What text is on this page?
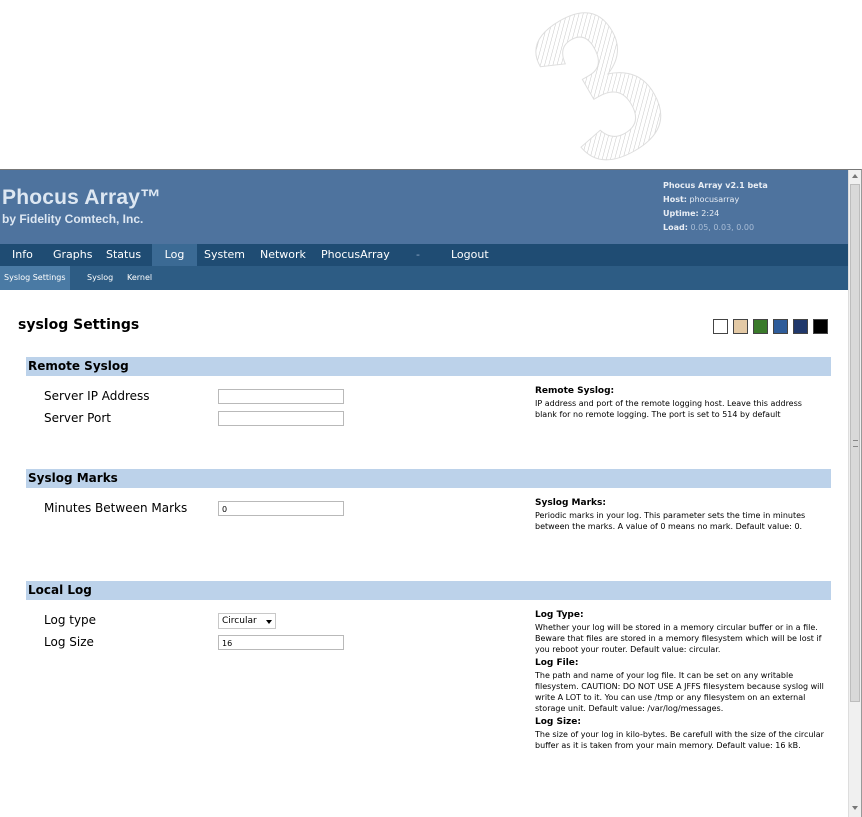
Phocus Array™
by Fidelity Comtech, Inc.
Phocus Array v2.1 beta
Host: phocusarray
Uptime: 2:24
Load: 0.05, 0.03, 0.00
Info	Graphs	Status	Log	System	Network	PhocusArray	-	Logout
Syslog Settings	Syslog	Kernel
syslog Settings
Remote Syslog
Server IP Address
Server Port
Remote Syslog:
IP address and port of the remote logging host. Leave this address blank for no remote logging. The port is set to 514 by default
Syslog Marks
Minutes Between Marks	0
Syslog Marks:
Periodic marks in your log. This parameter sets the time in minutes between the marks. A value of 0 means no mark. Default value: 0.
Local Log
Log type	Circular
Log Size	16
Log Type:
Whether your log will be stored in a memory circular buffer or in a file. Beware that files are stored in a memory filesystem which will be lost if you reboot your router. Default value: circular.
Log File:
The path and name of your log file. It can be set on any writable filesystem. CAUTION: DO NOT USE A JFFS filesystem because syslog will write A LOT to it. You can use /tmp or any filesystem on an external storage unit. Default value: /var/log/messages.
Log Size:
The size of your log in kilo-bytes. Be carefull with the size of the circular buffer as it is taken from your main memory. Default value: 16 kB.
